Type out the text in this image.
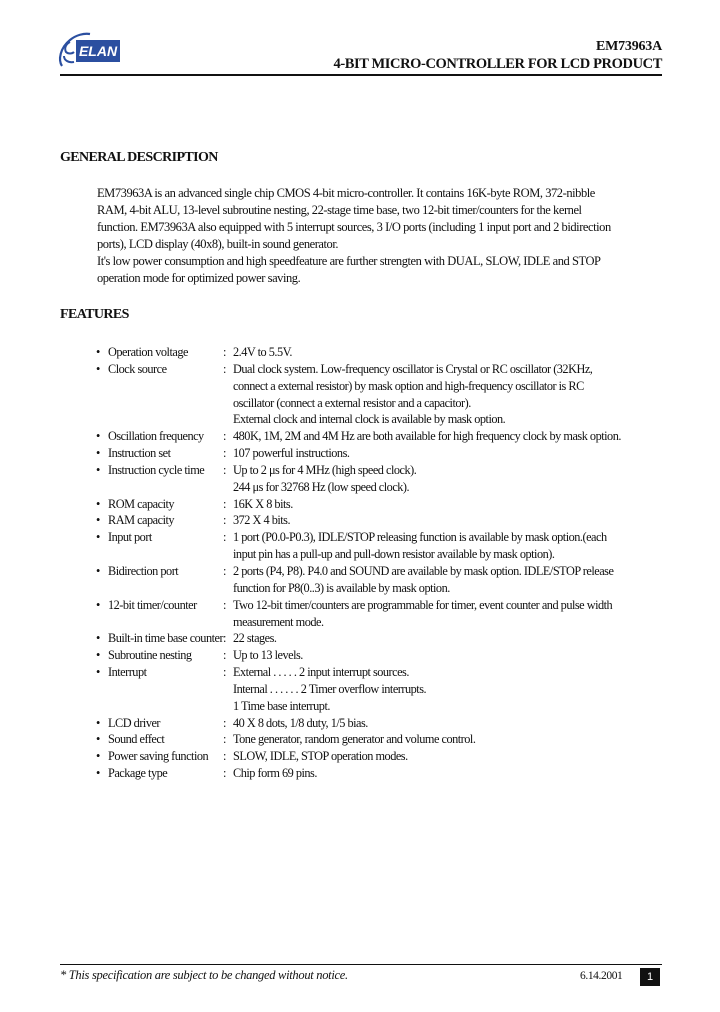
ELAN	EM73963A
4-BIT MICRO-CONTROLLER FOR LCD PRODUCT
GENERAL DESCRIPTION

EM73963A is an advanced single chip CMOS 4-bit micro-controller. It contains 16K-byte ROM, 372-nibble

RAM, 4-bit ALU, 13-level subroutine nesting, 22-stage time base, two 12-bit timer/counters for the kernel

function. EM73963A also equipped with 5 interrupt sources, 3 I/O ports (including 1 input port and 2 bidirection

ports), LCD display (40x8), built-in sound generator.

It's low power consumption and high speedfeature are further strengten with DUAL, SLOW, IDLE and STOP

operation mode for optimized power saving.

FEATURES
• Operation voltage	: 2.4V to 5.5V.
• Clock source	: Dual clock system. Low-frequency oscillator is Crystal or RC oscillator (32KHz,
connect a external resistor) by mask option and high-frequency oscillator is RC
oscillator (connect a external resistor and a capacitor).
External clock and internal clock is available by mask option.
• Oscillation frequency : 480K, 1M, 2M and 4M Hz are both available for high frequency clock by mask option.
• Instruction set	: 107 powerful instructions.
• Instruction cycle time : Up to 2 μs for 4 MHz (high speed clock).
244 μs for 32768 Hz (low speed clock).
• ROM capacity	: 16K X 8 bits.
• RAM capacity	: 372 X 4 bits.
• Input port	: 1 port (P0.0-P0.3), IDLE/STOP releasing function is available by mask option.(each
input pin has a pull-up and pull-down resistor available by mask option).
• Bidirection port	: 2 ports (P4, P8). P4.0 and SOUND are available by mask option. IDLE/STOP release
function for P8(0..3) is available by mask option.
• 12-bit timer/counter : Two 12-bit timer/counters are programmable for timer, event counter and pulse width
measurement mode.
• Built-in time base counter : 22 stages.
• Subroutine nesting	: Up to 13 levels.
• Interrupt	: External . . . . . 2 input interrupt sources.
Internal . . . . . . 2 Timer overflow interrupts.
1 Time base interrupt.
• LCD driver	: 40 X 8 dots, 1/8 duty, 1/5 bias.
• Sound effect	: Tone generator, random generator and volume control.
• Power saving function : SLOW, IDLE, STOP operation modes.
• Package type	: Chip form 69 pins.
* This specification are subject to be changed without notice.	6.14.2001	1
